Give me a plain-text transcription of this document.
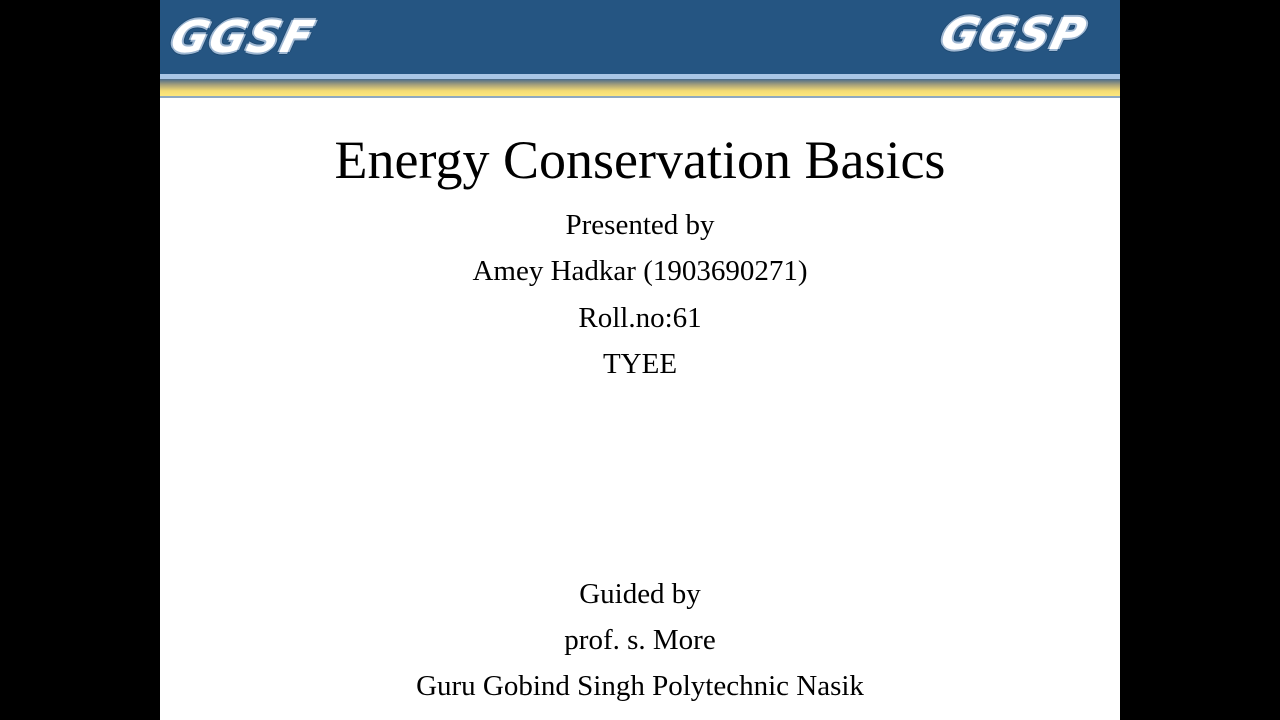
GGSF	GGSP
Energy Conservation Basics
Presented by
Amey Hadkar (1903690271)
Roll.no:61
TYEE
Guided by
prof. s. More
Guru Gobind Singh Polytechnic Nasik
